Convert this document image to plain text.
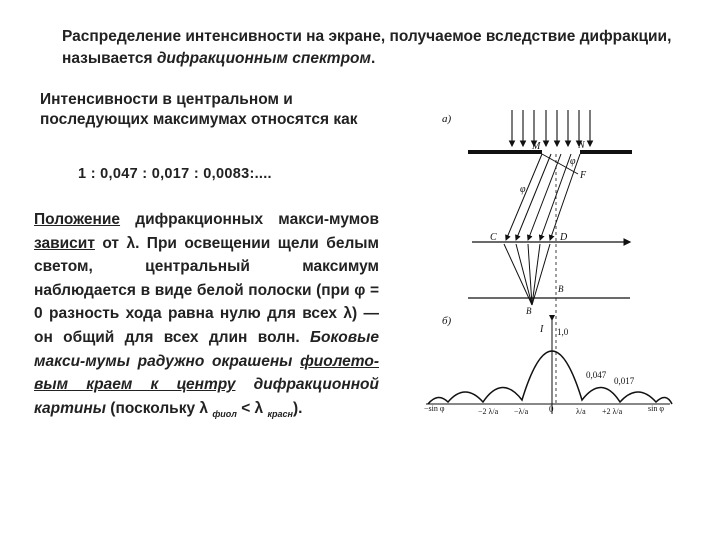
Распределение интенсивности на экране, получаемое вследствие дифракции, называется дифракционным спектром.
Интенсивности в центральном и последующих максимумах относятся как
1 : 0,047 : 0,017 : 0,0083:....
Положение дифракционных макси-мумов зависит от λ. При освещении щели белым светом, центральный максимум наблюдается в виде белой полоски (при φ = 0 разность хода равна нулю для всех λ) — он общий для всех длин волн. Боковые макси-мумы радужно окрашены фиолето-вым краем к центру дифракционной картины (поскольку λ $_{фиол}$ < λ $_{красн}$).
а)
M	N
F
φ
φ
C	D
B
B
б)
I 1,0
0,047
0,017
−sin φ	sin φ
0
−2 λ/a −λ/a	λ/a +2 λ/a
